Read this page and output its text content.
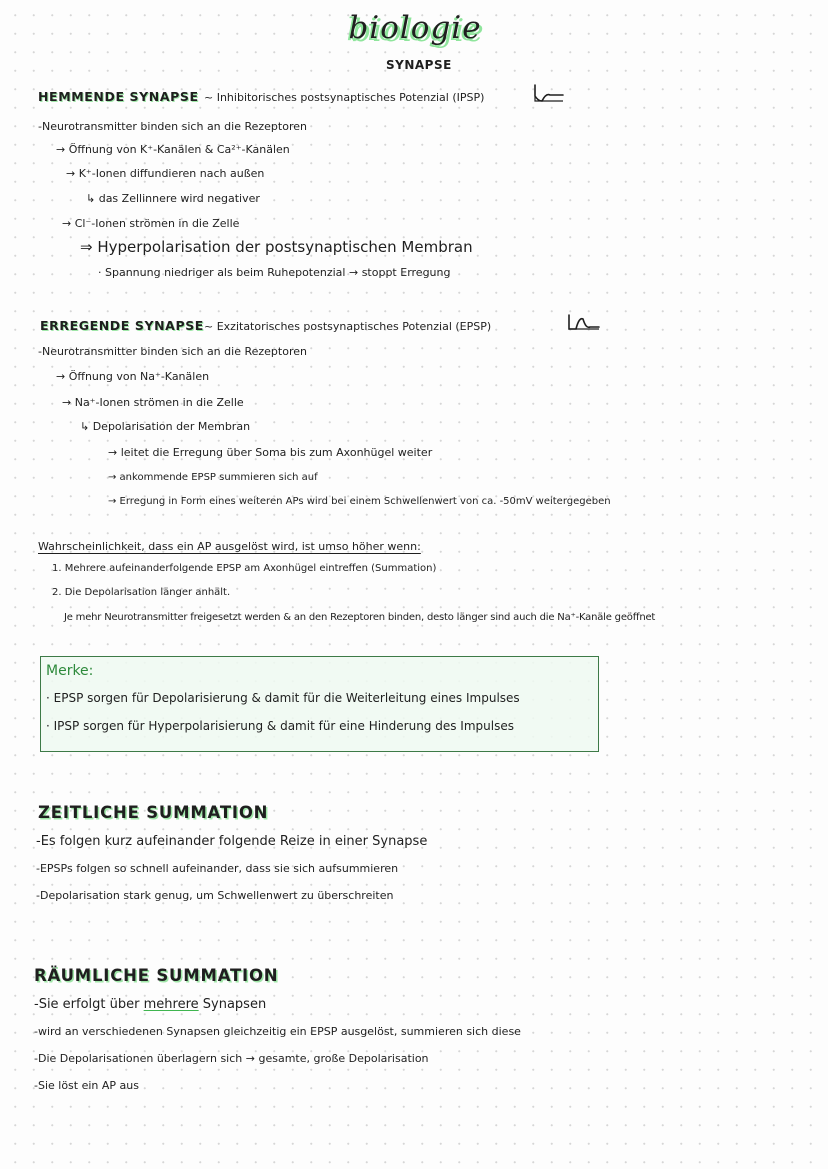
biologie
SYNAPSE
HEMMENDE SYNAPSE ~ Inhibitorisches postsynaptisches Potenzial (IPSP)
-Neurotransmitter binden sich an die Rezeptoren
→ Öffnung von K⁺-Kanälen & Ca²⁺-Kanälen
→ K⁺-Ionen diffundieren nach außen
↳ das Zellinnere wird negativer
→ Cl⁻-Ionen strömen in die Zelle
⇒ Hyperpolarisation der postsynaptischen Membran
· Spannung niedriger als beim Ruhepotenzial → stoppt Erregung
ERREGENDE SYNAPSE ~ Exzitatorisches postsynaptisches Potenzial (EPSP)
-Neurotransmitter binden sich an die Rezeptoren
→ Öffnung von Na⁺-Kanälen
→ Na⁺-Ionen strömen in die Zelle
↳ Depolarisation der Membran
→ leitet die Erregung über Soma bis zum Axonhügel weiter
→ ankommende EPSP summieren sich auf
→ Erregung in Form eines weiteren APs wird bei einem Schwellenwert von ca. -50mV weitergegeben
Wahrscheinlichkeit, dass ein AP ausgelöst wird, ist umso höher wenn:
1. Mehrere aufeinanderfolgende EPSP am Axonhügel eintreffen (Summation)
2. Die Depolarisation länger anhält.
Je mehr Neurotransmitter freigesetzt werden & an den Rezeptoren binden, desto länger sind auch die Na⁺-Kanäle geöffnet
Merke:
· EPSP sorgen für Depolarisierung & damit für die Weiterleitung eines Impulses
· IPSP sorgen für Hyperpolarisierung & damit für eine Hinderung des Impulses
ZEITLICHE SUMMATION
-Es folgen kurz aufeinander folgende Reize in einer Synapse
-EPSPs folgen so schnell aufeinander, dass sie sich aufsummieren
-Depolarisation stark genug, um Schwellenwert zu überschreiten
RÄUMLICHE SUMMATION
-Sie erfolgt über mehrere Synapsen
-wird an verschiedenen Synapsen gleichzeitig ein EPSP ausgelöst, summieren sich diese
-Die Depolarisationen überlagern sich → gesamte, große Depolarisation
-Sie löst ein AP aus
